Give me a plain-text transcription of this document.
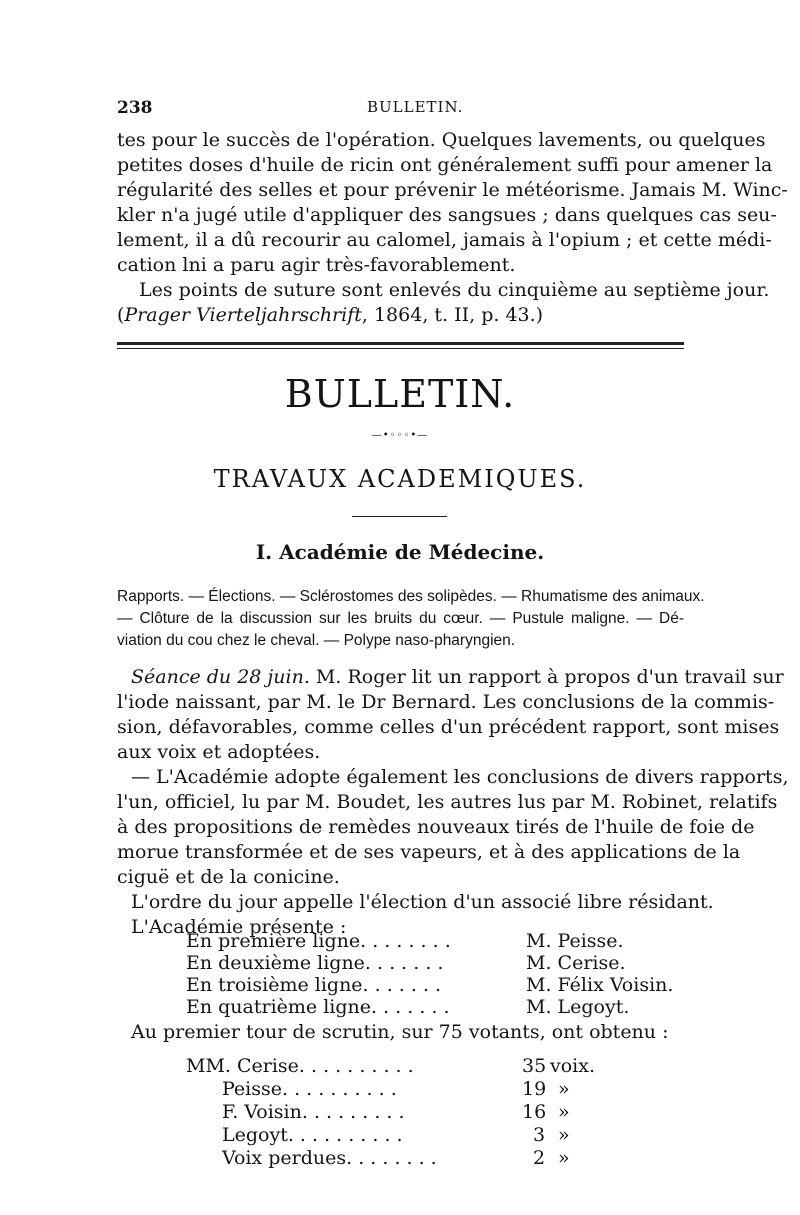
238	BULLETIN.
tes pour le succès de l'opération. Quelques lavements, ou quelques
petites doses d'huile de ricin ont généralement suffi pour amener la
régularité des selles et pour prévenir le météorisme. Jamais M. Winc-
kler n'a jugé utile d'appliquer des sangsues ; dans quelques cas seu-
lement, il a dû recourir au calomel, jamais à l'opium ; et cette médi-
cation lni a paru agir très-favorablement.
Les points de suture sont enlevés du cinquième au septième jour.
(Prager Vierteljahrschrift, 1864, t. II, p. 43.)
BULLETIN.
—•◦◦◦•—
TRAVAUX ACADEMIQUES.
I. Académie de Médecine.
Rapports. — Élections. — Sclérostomes des solipèdes. — Rhumatisme des animaux.
— Clôture de la discussion sur les bruits du cœur. — Pustule maligne. — Dé-
viation du cou chez le cheval. — Polype naso-pharyngien.
Séance du 28 juin. M. Roger lit un rapport à propos d'un travail sur
l'iode naissant, par M. le Dr Bernard. Les conclusions de la commis-
sion, défavorables, comme celles d'un précédent rapport, sont mises
aux voix et adoptées.
— L'Académie adopte également les conclusions de divers rapports,
l'un, officiel, lu par M. Boudet, les autres lus par M. Robinet, relatifs
à des propositions de remèdes nouveaux tirés de l'huile de foie de
morue transformée et de ses vapeurs, et à des applications de la
ciguë et de la conicine.
L'ordre du jour appelle l'élection d'un associé libre résidant.
L'Académie présente :
En première ligne. . . . . . . .	M. Peisse.
En deuxième ligne. . . . . . .	M. Cerise.
En troisième ligne. . . . . . .	M. Félix Voisin.
En quatrième ligne. . . . . . .	M. Legoyt.
Au premier tour de scrutin, sur 75 votants, ont obtenu :
MM. Cerise. . . . . . . . . .	35 voix.
Peisse. . . . . . . . . .	19 »
F. Voisin. . . . . . . . .	16 »
Legoyt. . . . . . . . . .	3 »
Voix perdues. . . . . . . .	2 »
